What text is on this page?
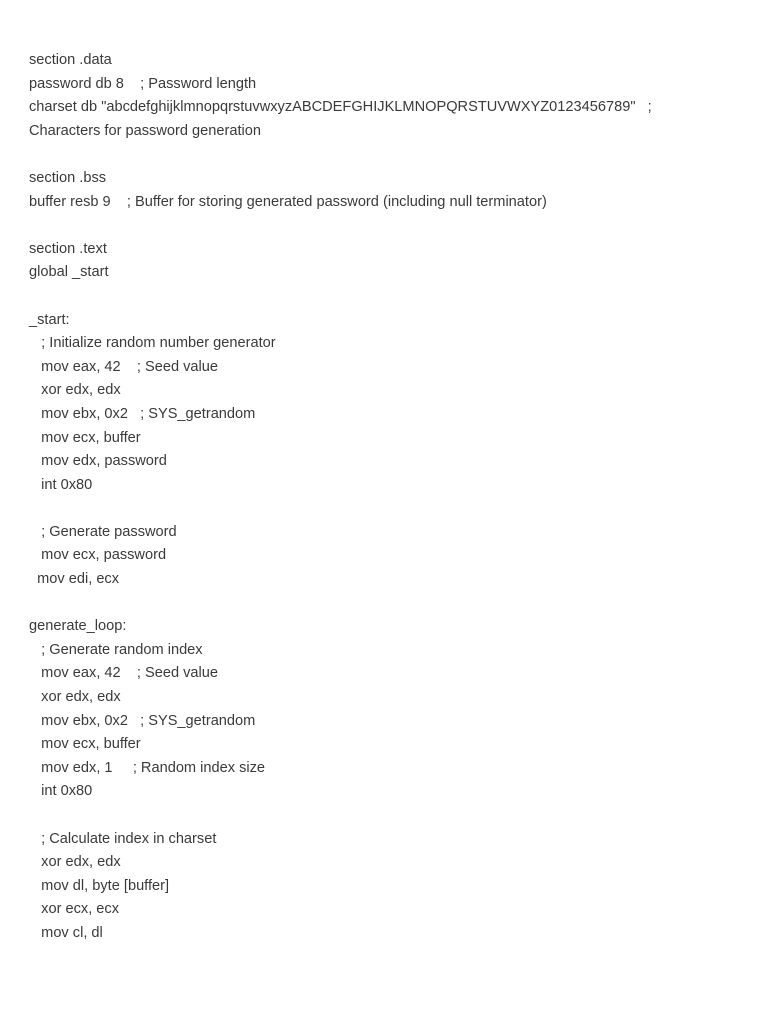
section .data
password db 8    ; Password length
charset db "abcdefghijklmnopqrstuvwxyzABCDEFGHIJKLMNOPQRSTUVWXYZ0123456789"   ;
Characters for password generation
section .bss
buffer resb 9    ; Buffer for storing generated password (including null terminator)
section .text
global _start
_start:
; Initialize random number generator
mov eax, 42    ; Seed value
xor edx, edx
mov ebx, 0x2   ; SYS_getrandom
mov ecx, buffer
mov edx, password
int 0x80
; Generate password
mov ecx, password
mov edi, ecx
generate_loop:
; Generate random index
mov eax, 42    ; Seed value
xor edx, edx
mov ebx, 0x2   ; SYS_getrandom
mov ecx, buffer
mov edx, 1     ; Random index size
int 0x80
; Calculate index in charset
xor edx, edx
mov dl, byte [buffer]
xor ecx, ecx
mov cl, dl
